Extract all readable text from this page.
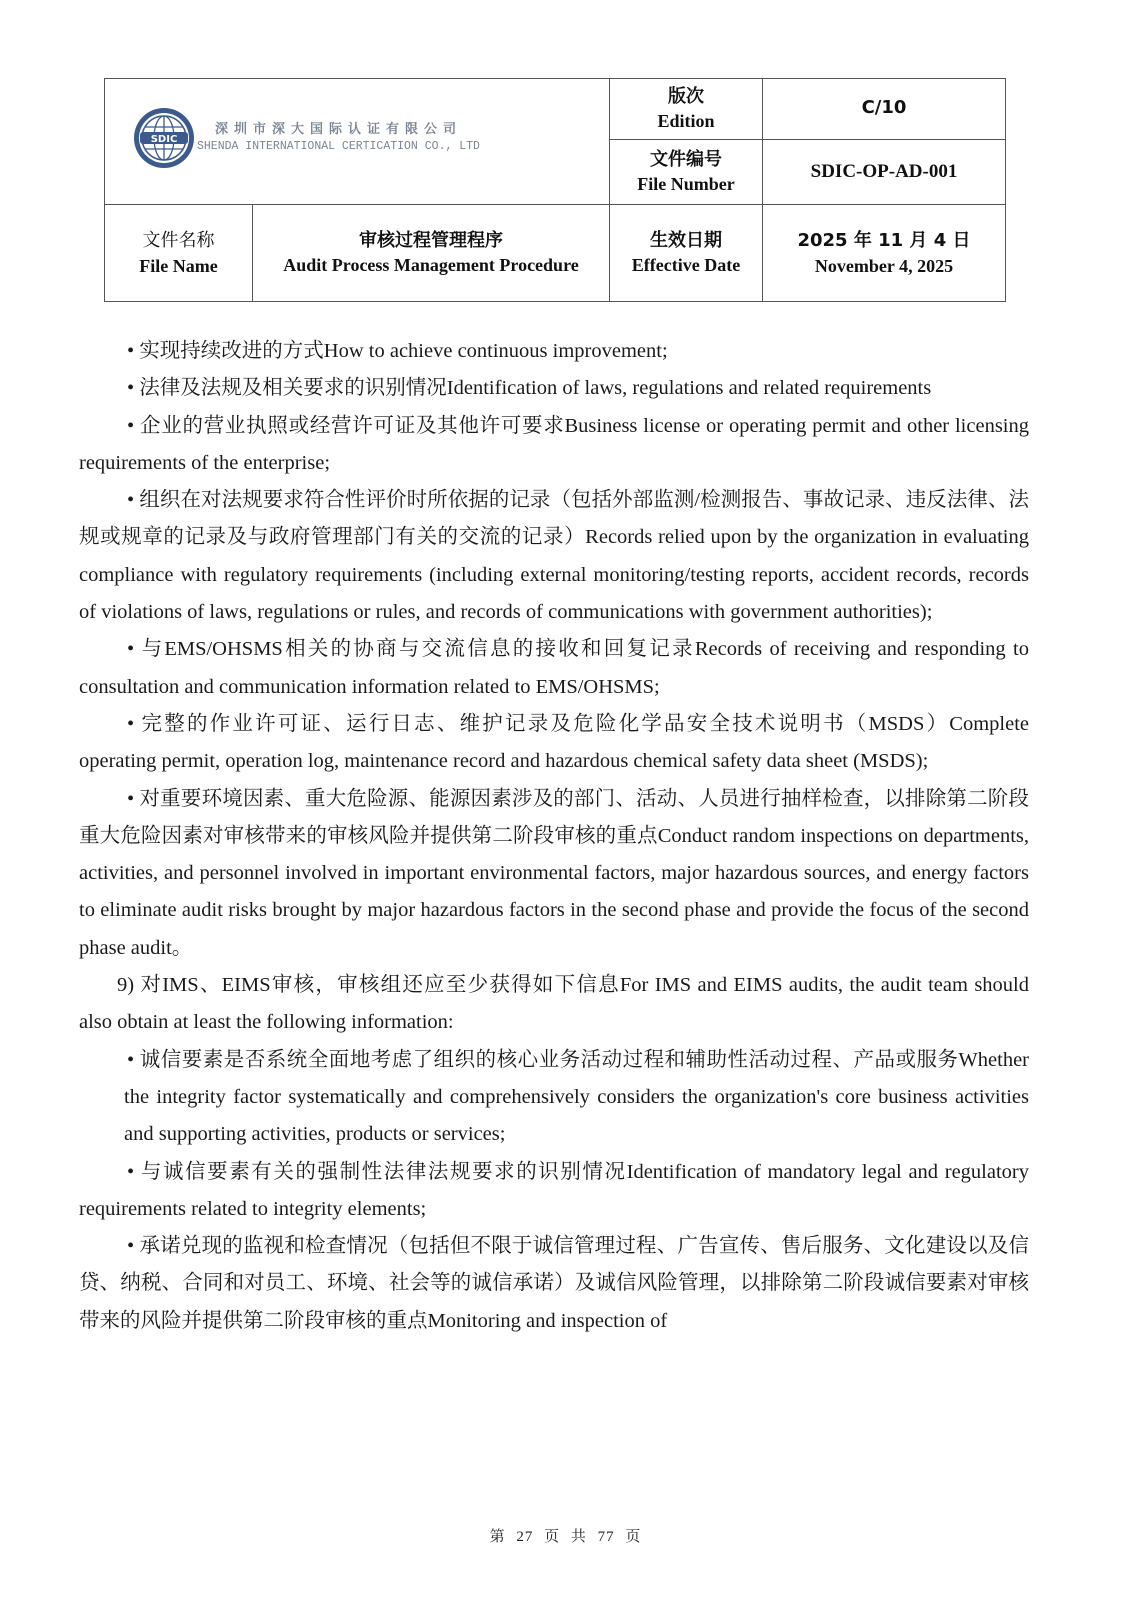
SDIC
深圳市深大国际认证有限公司
SHENDA INTERNATIONAL CERTICATION CO., LTD
版次
Edition
C/10
文件编号
File Number
SDIC-OP-AD-001
文件名称
File Name
审核过程管理程序
Audit Process Management Procedure
生效日期
Effective Date
2025 年 11 月 4 日
November 4, 2025

• 实现持续改进的方式How to achieve continuous improvement;

• 法律及法规及相关要求的识别情况Identification of laws, regulations and related requirements

• 企业的营业执照或经营许可证及其他许可要求Business license or operating permit and other licensing requirements of the enterprise;

• 组织在对法规要求符合性评价时所依据的记录（包括外部监测/检测报告、事故记录、违反法律、法规或规章的记录及与政府管理部门有关的交流的记录）Records relied upon by the organization in evaluating compliance with regulatory requirements (including external monitoring/testing reports, accident records, records of violations of laws, regulations or rules, and records of communications with government authorities);

• 与EMS/OHSMS相关的协商与交流信息的接收和回复记录Records of receiving and responding to consultation and communication information related to EMS/OHSMS;

• 完整的作业许可证、运行日志、维护记录及危险化学品安全技术说明书（MSDS）Complete operating permit, operation log, maintenance record and hazardous chemical safety data sheet (MSDS);

• 对重要环境因素、重大危险源、能源因素涉及的部门、活动、人员进行抽样检查，以排除第二阶段重大危险因素对审核带来的审核风险并提供第二阶段审核的重点Conduct random inspections on departments, activities, and personnel involved in important environmental factors, major hazardous sources, and energy factors to eliminate audit risks brought by major hazardous factors in the second phase and provide the focus of the second phase audit。

9) 对IMS、EIMS审核，审核组还应至少获得如下信息For IMS and EIMS audits, the audit team should also obtain at least the following information:

• 诚信要素是否系统全面地考虑了组织的核心业务活动过程和辅助性活动过程、产品或服务Whether the integrity factor systematically and comprehensively considers the organization's core business activities and supporting activities, products or services;

• 与诚信要素有关的强制性法律法规要求的识别情况Identification of mandatory legal and regulatory requirements related to integrity elements;

• 承诺兑现的监视和检查情况（包括但不限于诚信管理过程、广告宣传、售后服务、文化建设以及信贷、纳税、合同和对员工、环境、社会等的诚信承诺）及诚信风险管理，以排除第二阶段诚信要素对审核带来的风险并提供第二阶段审核的重点Monitoring and inspection of

第 27 页 共 77 页
